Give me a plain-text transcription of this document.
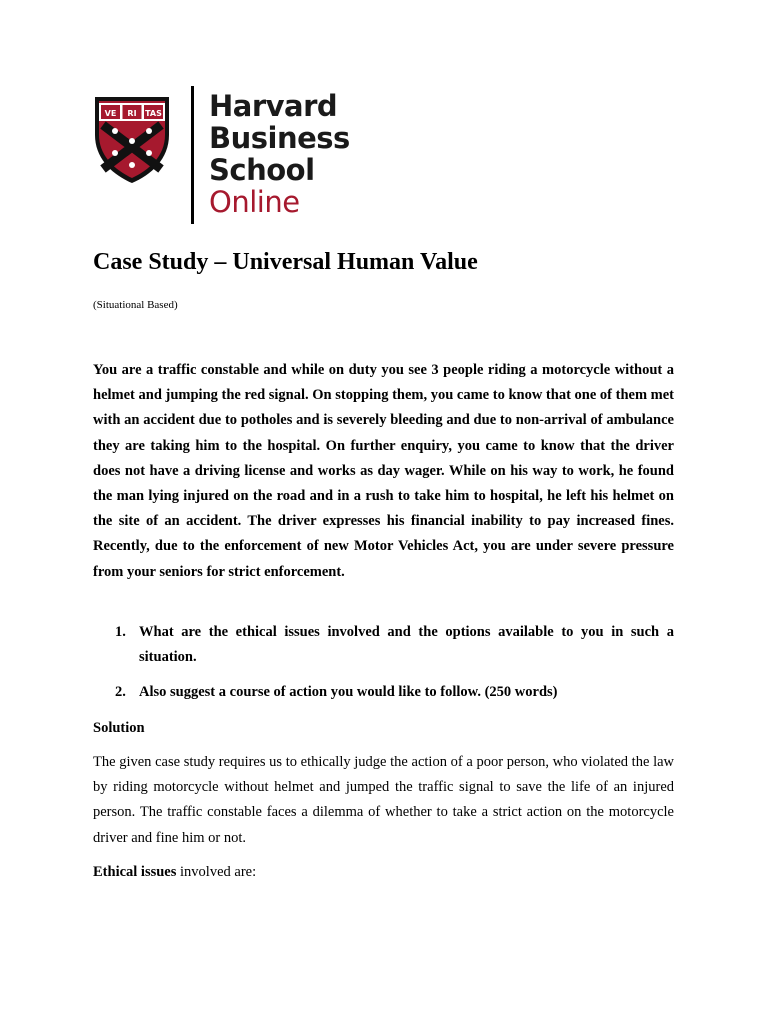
VE RI TAS Harvard
Business
School
Online
Case Study – Universal Human Value
(Situational Based)
You are a traffic constable and while on duty you see 3 people riding a motorcycle without a helmet and jumping the red signal. On stopping them, you came to know that one of them met with an accident due to potholes and is severely bleeding and due to non-arrival of ambulance they are taking him to the hospital. On further enquiry, you came to know that the driver does not have a driving license and works as day wager. While on his way to work, he found the man lying injured on the road and in a rush to take him to hospital, he left his helmet on the site of an accident. The driver expresses his financial inability to pay increased fines. Recently, due to the enforcement of new Motor Vehicles Act, you are under severe pressure from your seniors for strict enforcement.
1. What are the ethical issues involved and the options available to you in such a situation.
2. Also suggest a course of action you would like to follow. (250 words)
Solution
The given case study requires us to ethically judge the action of a poor person, who violated the law by riding motorcycle without helmet and jumped the traffic signal to save the life of an injured person. The traffic constable faces a dilemma of whether to take a strict action on the motorcycle driver and fine him or not.
Ethical issues involved are:
